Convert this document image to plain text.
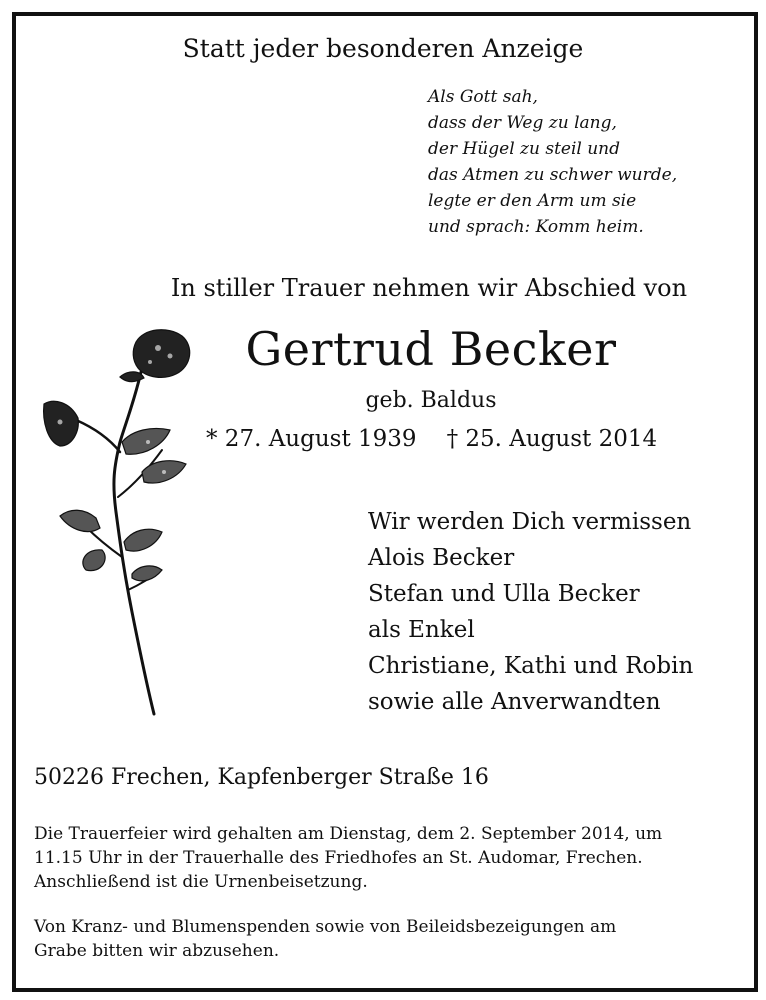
Statt jeder besonderen Anzeige
Als Gott sah,
dass der Weg zu lang,
der Hügel zu steil und
das Atmen zu schwer wurde,
legte er den Arm um sie
und sprach: Komm heim.
In stiller Trauer nehmen wir Abschied von
Gertrud Becker
geb. Baldus
* 27. August 1939 † 25. August 2014
Wir werden Dich vermissen
Alois Becker
Stefan und Ulla Becker
als Enkel
Christiane, Kathi und Robin
sowie alle Anverwandten
50226 Frechen, Kapfenberger Straße 16
Die Trauerfeier wird gehalten am Dienstag, dem 2. September 2014, um
11.15 Uhr in der Trauerhalle des Friedhofes an St. Audomar, Frechen.
Anschließend ist die Urnenbeisetzung.
Von Kranz- und Blumenspenden sowie von Beileidsbezeigungen am
Grabe bitten wir abzusehen.
